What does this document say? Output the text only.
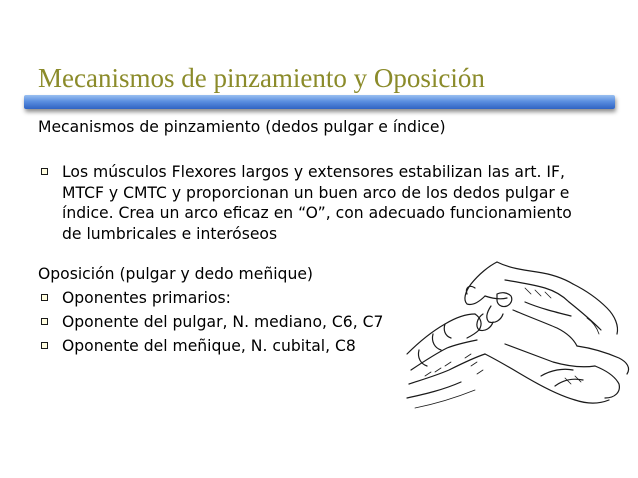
Mecanismos de pinzamiento y Oposición

Mecanismos de pinzamiento (dedos pulgar e índice)

Los músculos Flexores largos y extensores estabilizan las art. IF,
MTCF y CMTC y proporcionan un buen arco de los dedos pulgar e
índice. Crea un arco eficaz en “O”, con adecuado funcionamiento
de lumbricales e interóseos

Oposición (pulgar y dedo meñique)

Oponentes primarios:

Oponente del pulgar, N. mediano, C6, C7

Oponente del meñique, N. cubital, C8
